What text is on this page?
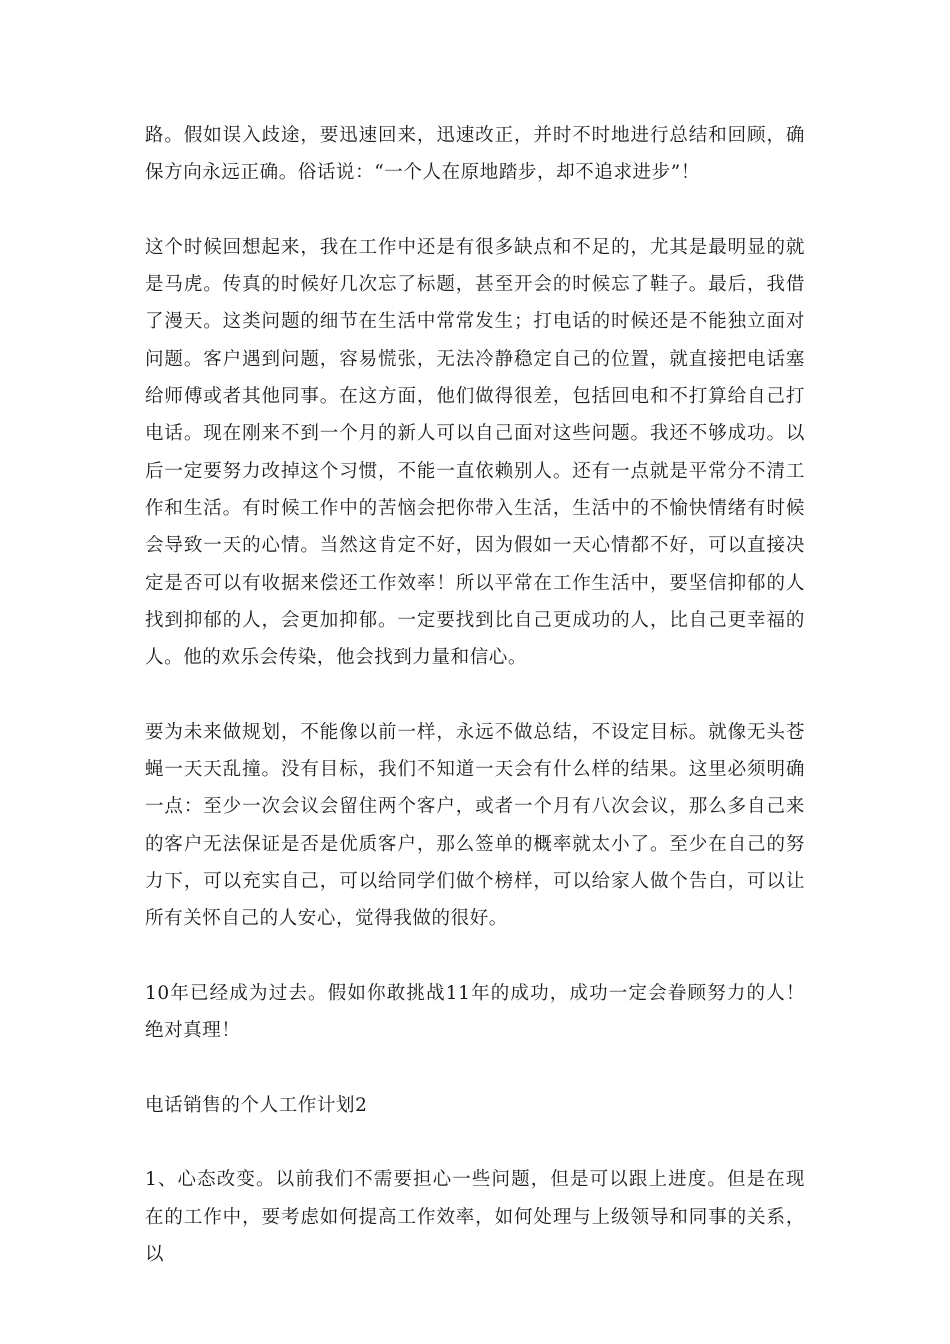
路。假如误入歧途，要迅速回来，迅速改正，并时不时地进行总结和回顾，确保方向永远正确。俗话说：“一个人在原地踏步，却不追求进步”！

这个时候回想起来，我在工作中还是有很多缺点和不足的，尤其是最明显的就是马虎。传真的时候好几次忘了标题，甚至开会的时候忘了鞋子。最后，我借了漫天。这类问题的细节在生活中常常发生；打电话的时候还是不能独立面对问题。客户遇到问题，容易慌张，无法冷静稳定自己的位置，就直接把电话塞给师傅或者其他同事。在这方面，他们做得很差，包括回电和不打算给自己打电话。现在刚来不到一个月的新人可以自己面对这些问题。我还不够成功。以后一定要努力改掉这个习惯，不能一直依赖别人。还有一点就是平常分不清工作和生活。有时候工作中的苦恼会把你带入生活，生活中的不愉快情绪有时候会导致一天的心情。当然这肯定不好，因为假如一天心情都不好，可以直接决定是否可以有收据来偿还工作效率！所以平常在工作生活中，要坚信抑郁的人找到抑郁的人，会更加抑郁。一定要找到比自己更成功的人，比自己更幸福的人。他的欢乐会传染，他会找到力量和信心。

要为未来做规划，不能像以前一样，永远不做总结，不设定目标。就像无头苍蝇一天天乱撞。没有目标，我们不知道一天会有什么样的结果。这里必须明确一点：至少一次会议会留住两个客户，或者一个月有八次会议，那么多自己来的客户无法保证是否是优质客户，那么签单的概率就太小了。至少在自己的努力下，可以充实自己，可以给同学们做个榜样，可以给家人做个告白，可以让所有关怀自己的人安心，觉得我做的很好。

10年已经成为过去。假如你敢挑战11年的成功，成功一定会眷顾努力的人！绝对真理！

电话销售的个人工作计划2

1、心态改变。以前我们不需要担心一些问题，但是可以跟上进度。但是在现在的工作中，要考虑如何提高工作效率，如何处理与上级领导和同事的关系，以
